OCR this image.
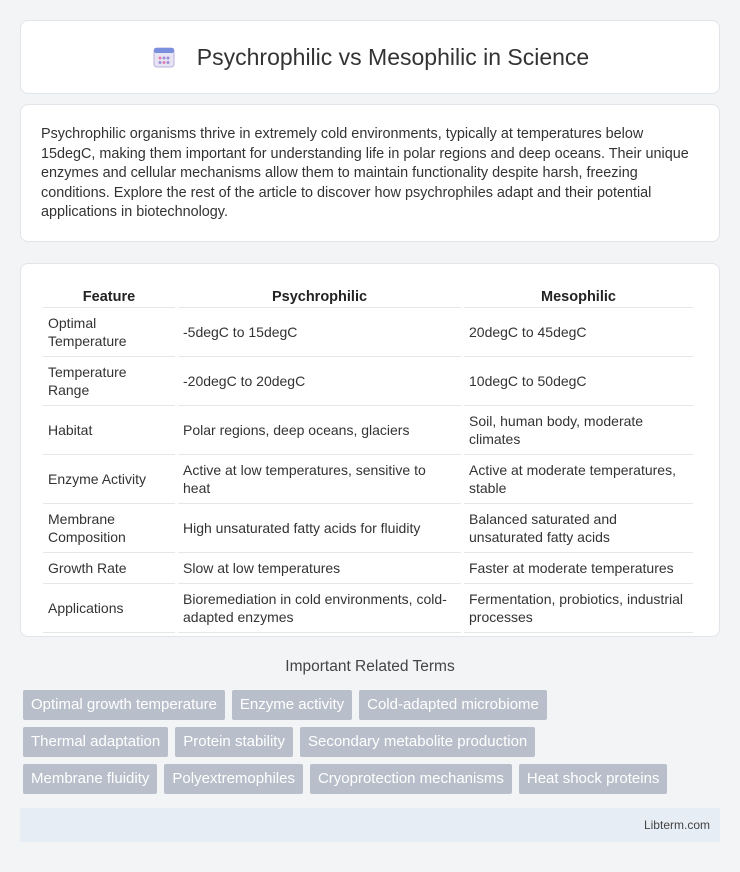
Psychrophilic vs Mesophilic in Science

Psychrophilic organisms thrive in extremely cold environments, typically at temperatures below 15degC, making them important for understanding life in polar regions and deep oceans. Their unique enzymes and cellular mechanisms allow them to maintain functionality despite harsh, freezing conditions. Explore the rest of the article to discover how psychrophiles adapt and their potential applications in biotechnology.

Feature	Psychrophilic	Mesophilic
Optimal Temperature	-5degC to 15degC	20degC to 45degC
Temperature Range	-20degC to 20degC	10degC to 50degC
Habitat	Polar regions, deep oceans, glaciers	Soil, human body, moderate climates
Enzyme Activity	Active at low temperatures, sensitive to heat	Active at moderate temperatures, stable
Membrane Composition	High unsaturated fatty acids for fluidity	Balanced saturated and unsaturated fatty acids
Growth Rate	Slow at low temperatures	Faster at moderate temperatures
Applications	Bioremediation in cold environments, cold-adapted enzymes	Fermentation, probiotics, industrial processes
Important Related Terms
Optimal growth temperature	Enzyme activity	Cold-adapted microbiome
Thermal adaptation	Protein stability	Secondary metabolite production
Membrane fluidity	Polyextremophiles	Cryoprotection mechanisms	Heat shock proteins
Libterm.com
